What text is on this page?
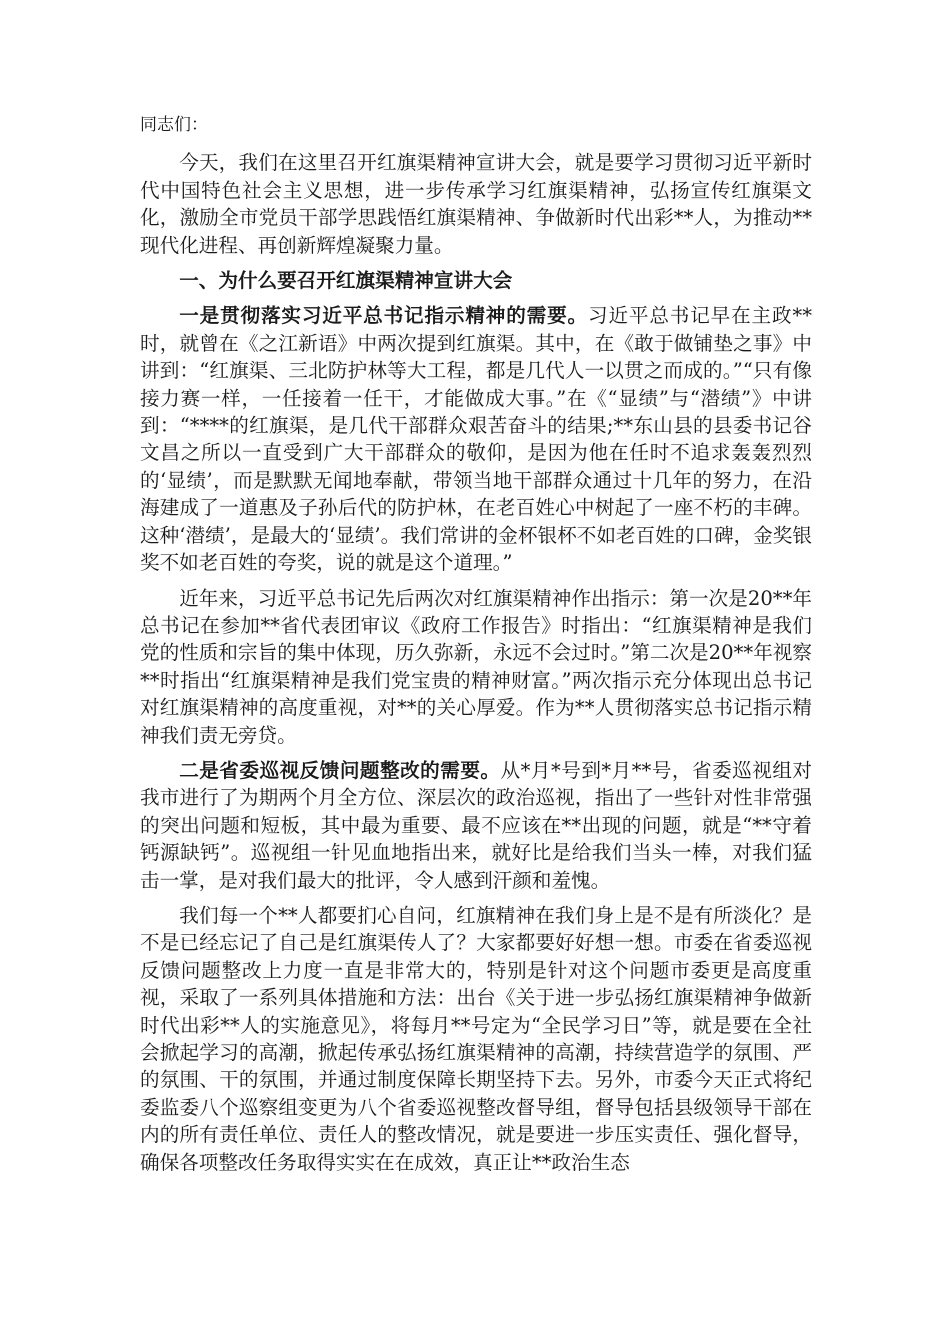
同志们：

今天，我们在这里召开红旗渠精神宣讲大会，就是要学习贯彻习近平新时代中国特色社会主义思想，进一步传承学习红旗渠精神，弘扬宣传红旗渠文化，激励全市党员干部学思践悟红旗渠精神、争做新时代出彩**人，为推动**现代化进程、再创新辉煌凝聚力量。

一、为什么要召开红旗渠精神宣讲大会

一是贯彻落实习近平总书记指示精神的需要。习近平总书记早在主政**时，就曾在《之江新语》中两次提到红旗渠。其中，在《敢于做铺垫之事》中讲到：“红旗渠、三北防护林等大工程，都是几代人一以贯之而成的。”“只有像接力赛一样，一任接着一任干，才能做成大事。”在《“显绩”与“潜绩”》中讲到：“****的红旗渠，是几代干部群众艰苦奋斗的结果;**东山县的县委书记谷文昌之所以一直受到广大干部群众的敬仰，是因为他在任时不追求轰轰烈烈的‘显绩’，而是默默无闻地奉献，带领当地干部群众通过十几年的努力，在沿海建成了一道惠及子孙后代的防护林，在老百姓心中树起了一座不朽的丰碑。这种‘潜绩’，是最大的‘显绩’。我们常讲的金杯银杯不如老百姓的口碑，金奖银奖不如老百姓的夸奖，说的就是这个道理。”

近年来，习近平总书记先后两次对红旗渠精神作出指示：第一次是20**年总书记在参加**省代表团审议《政府工作报告》时指出：“红旗渠精神是我们党的性质和宗旨的集中体现，历久弥新，永远不会过时。”第二次是20**年视察**时指出“红旗渠精神是我们党宝贵的精神财富。”两次指示充分体现出总书记对红旗渠精神的高度重视，对**的关心厚爱。作为**人贯彻落实总书记指示精神我们责无旁贷。

二是省委巡视反馈问题整改的需要。从*月*号到*月**号，省委巡视组对我市进行了为期两个月全方位、深层次的政治巡视，指出了一些针对性非常强的突出问题和短板，其中最为重要、最不应该在**出现的问题，就是“**守着钙源缺钙”。巡视组一针见血地指出来，就好比是给我们当头一棒，对我们猛击一掌，是对我们最大的批评，令人感到汗颜和羞愧。

我们每一个**人都要扪心自问，红旗精神在我们身上是不是有所淡化？是不是已经忘记了自己是红旗渠传人了？大家都要好好想一想。市委在省委巡视反馈问题整改上力度一直是非常大的，特别是针对这个问题市委更是高度重视，采取了一系列具体措施和方法：出台《关于进一步弘扬红旗渠精神争做新时代出彩**人的实施意见》，将每月**号定为“全民学习日”等，就是要在全社会掀起学习的高潮，掀起传承弘扬红旗渠精神的高潮，持续营造学的氛围、严的氛围、干的氛围，并通过制度保障长期坚持下去。另外，市委今天正式将纪委监委八个巡察组变更为八个省委巡视整改督导组，督导包括县级领导干部在内的所有责任单位、责任人的整改情况，就是要进一步压实责任、强化督导，确保各项整改任务取得实实在在成效，真正让**政治生态
